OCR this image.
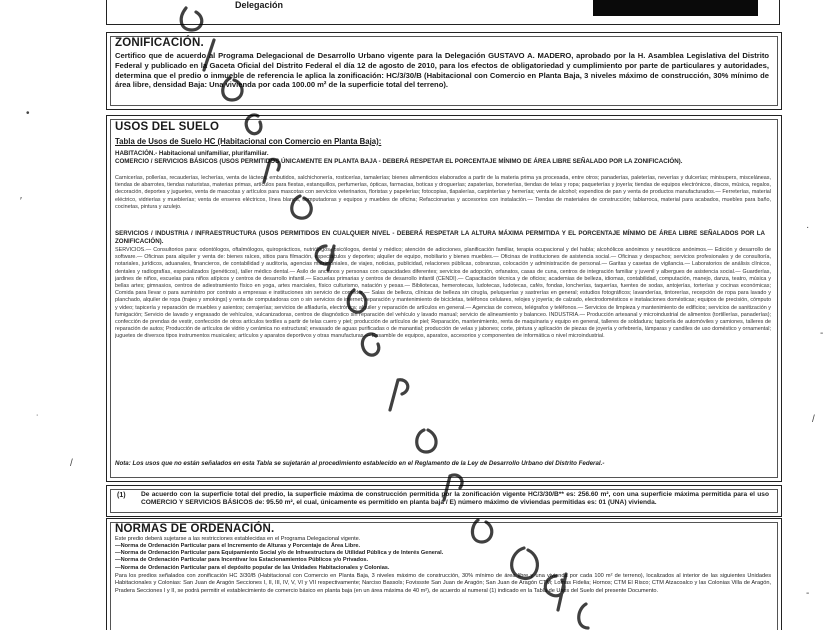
Delegación
ZONIFICACIÓN.
Certifico que de acuerdo al Programa Delegacional de Desarrollo Urbano vigente para la Delegación GUSTAVO A. MADERO, aprobado por la H. Asamblea Legislativa del Distrito Federal y publicado en la Gaceta Oficial del Distrito Federal el día 12 de agosto de 2010, para los efectos de obligatoriedad y cumplimiento por parte de particulares y autoridades, determina que el predio o inmueble de referencia le aplica la zonificación: HC/3/30/B (Habitacional con Comercio en Planta Baja, 3 niveles máximo de construcción, 30% mínimo de área libre, densidad Baja: Una vivienda por cada 100.00 m² de la superficie total del terreno).
USOS DEL SUELO
Tabla de Usos de Suelo HC (Habitacional con Comercio en Planta Baja):
HABITACIÓN.- Habitacional unifamiliar, plurifamiliar.
COMERCIO / SERVICIOS BÁSICOS (USOS PERMITIDOS ÚNICAMENTE EN PLANTA BAJA - DEBERÁ RESPETAR EL PORCENTAJE MÍNIMO DE ÁREA LIBRE SEÑALADO POR LA ZONIFICACIÓN).
Carnicerías, pollerías, recauderías, lecherías, venta de lácteos, embutidos, salchichonería, rosticerías, tamalerías; bienes alimenticios elaborados a partir de la materia prima ya procesada, entre otros; panaderías, paleterías, neverías y dulcerías; minisupers, misceláneas, tiendas de abarrotes, tiendas naturistas, materias primas, artículos para fiestas, estanquillos, perfumerías, ópticas, farmacias, boticas y droguerías; zapaterías, boneterías, tiendas de telas y ropa; paqueterías y joyería; tiendas de equipos electrónicos, discos, música, regalos, decoración, deportes y juguetes, venta de mascotas y artículos para mascotas con servicios veterinarios, floristas y papelerías; fotocopias, tlapalerías, carpinterías y herrerías; venta de alcohol; expendios de pan y venta de productos manufacturados.— Ferreterías, material eléctrico, vidrierías y mueblerías; venta de enseres eléctricos, línea blanca, computadoras y equipos y muebles de oficina; Refaccionarias y accesorios con instalación.— Tiendas de materiales de construcción; tablarroca, material para acabados, muebles para baño, cocinetas, pintura y azulejo.
SERVICIOS / INDUSTRIA / INFRAESTRUCTURA (USOS PERMITIDOS EN CUALQUIER NIVEL - DEBERÁ RESPETAR LA ALTURA MÁXIMA PERMITIDA Y EL PORCENTAJE MÍNIMO DE ÁREA LIBRE SEÑALADOS POR LA ZONIFICACIÓN).
SERVICIOS.— Consultorios para: odontólogos, oftalmólogos, quiroprácticos, nutriólogos, psicólogos, dental y médico; atención de adicciones, planificación familiar, terapia ocupacional y del habla; alcohólicos anónimos y neuróticos anónimos.— Edición y desarrollo de software.— Oficinas para alquiler y venta de: bienes raíces, sitios para filmación, espectáculos y deportes; alquiler de equipo, mobiliario y bienes muebles.— Oficinas de instituciones de asistencia social.— Oficinas y despachos; servicios profesionales y de consultoría, notariales, jurídicos, aduanales, financieros, de contabilidad y auditoría, agencias matrimoniales, de viajes, noticias, publicidad, relaciones públicas, cobranzas, colocación y administración de personal.— Garitas y casetas de vigilancia.— Laboratorios de análisis clínicos, dentales y radiografías, especializados (genéticos), taller médico dental.— Asilo de ancianos y personas con capacidades diferentes; servicios de adopción, orfanatos, casas de cuna, centros de integración familiar y juvenil y albergues de asistencia social.— Guarderías, jardines de niños, escuelas para niños atípicos y centros de desarrollo infantil.— Escuelas primarias y centros de desarrollo infantil (CENDI).— Capacitación técnica y de oficios; academias de belleza, idiomas, contabilidad, computación, manejo, danza, teatro, música y bellas artes; gimnasios, centros de adiestramiento físico en yoga, artes marciales, físico culturismo, natación y pesas.— Bibliotecas, hemerotecas, ludotecas, ludotecas, cafés, fondas, loncherías, taquerías, fuentes de sodas, antojerías, torterías y cocinas económicas; Comida para llevar o para suministro por contrato a empresas e instituciones sin servicio de comedor.— Salas de belleza, clínicas de belleza sin cirugía, peluquerías y sastrerías en general; estudios fotográficos; lavanderías, tintorerías, recepción de ropa para lavado y planchado, alquiler de ropa (trajes y smokings) y renta de computadoras con o sin servicios de internet; reparación y mantenimiento de bicicletas, teléfonos celulares, relojes y joyería; de calzado, electrodomésticos e instalaciones domésticas; equipos de precisión, cómputo y video; tapicería y reparación de muebles y asientos; cerrajerías; servicios de afiladuría, electrónica; alquiler y reparación de artículos en general.— Agencias de correos, telégrafos y teléfonos.— Servicios de limpieza y mantenimiento de edificios; servicios de sanitización y fumigación; Servicio de lavado y engrasado de vehículos, vulcanizadoras, centros de diagnóstico sin reparación del vehículo y lavado manual; servicio de alineamiento y balanceo. INDUSTRIA.— Producción artesanal y microindustrial de alimentos (tortillerías, panaderías); confección de prendas de vestir, confección de otros artículos textiles a partir de telas cuero y piel; producción de artículos de piel; Reparación, mantenimiento, renta de maquinaria y equipo en general, talleres de soldadura; tapicería de automóviles y camiones, talleres de reparación de autos; Producción de artículos de vidrio y cerámica no estructural; envasado de aguas purificadas o de manantial; producción de velas y jabones; corte, pintura y aplicación de piezas de joyería y orfebrería, lámparas y candiles de uso doméstico y ornamental; juguetes de diversos tipos instrumentos musicales; artículos y aparatos deportivos y otras manufacturas.— Ensamble de equipos, aparatos, accesorios y componentes de informática o nivel microindustrial.
Nota: Los usos que no están señalados en esta Tabla se sujetarán al procedimiento establecido en el Reglamento de la Ley de Desarrollo Urbano del Distrito Federal.-
(1) De acuerdo con la superficie total del predio, la superficie máxima de construcción permitida por la zonificación vigente HC/3/30/B** es: 256.60 m², con una superficie máxima permitida para el uso COMERCIO Y SERVICIOS BÁSICOS de: 95.50 m², el cual, únicamente es permitido en planta baja / E) número máximo de viviendas permitidas es: 01 (UNA) vivienda.
NORMAS DE ORDENACIÓN.
Este predio deberá sujetarse a las restricciones establecidas en el Programa Delegacional vigente.
—Norma de Ordenación Particular para el Incremento de Alturas y Porcentaje de Área Libre.
—Norma de Ordenación Particular para Equipamiento Social y/o de Infraestructura de Utilidad Pública y de Interés General.
—Norma de Ordenación Particular para Incentivar los Estacionamientos Públicos y/o Privados.
—Norma de Ordenación Particular para el depósito popular de las Unidades Habitacionales y Colonias.
Para los predios señalados con zonificación HC 3/30/B (Habitacional con Comercio en Planta Baja, 3 niveles máximo de construcción, 30% mínimo de área libre y una vivienda por cada 100 m² de terreno), localizados al interior de las siguientes Unidades Habitacionales y Colonias: San Juan de Aragón Secciones I, II, III, IV, V, VI y VII respectivamente; Narciso Bassols; Fovissste San Juan de Aragón; San Juan de Aragón CTM; Lomas Fidelia; Hornos; CTM El Risco; CTM Atzacoalco y las Colonias Villa de Aragón, Pradera Secciones I y II, se podrá permitir el establecimiento de comercio básico en planta baja (en un área máxima de 40 m²), de acuerdo al numeral (1) indicado en la Tabla de Usos del Suelo del presente Documento.
•
′
˙
/
·
/
-
-
